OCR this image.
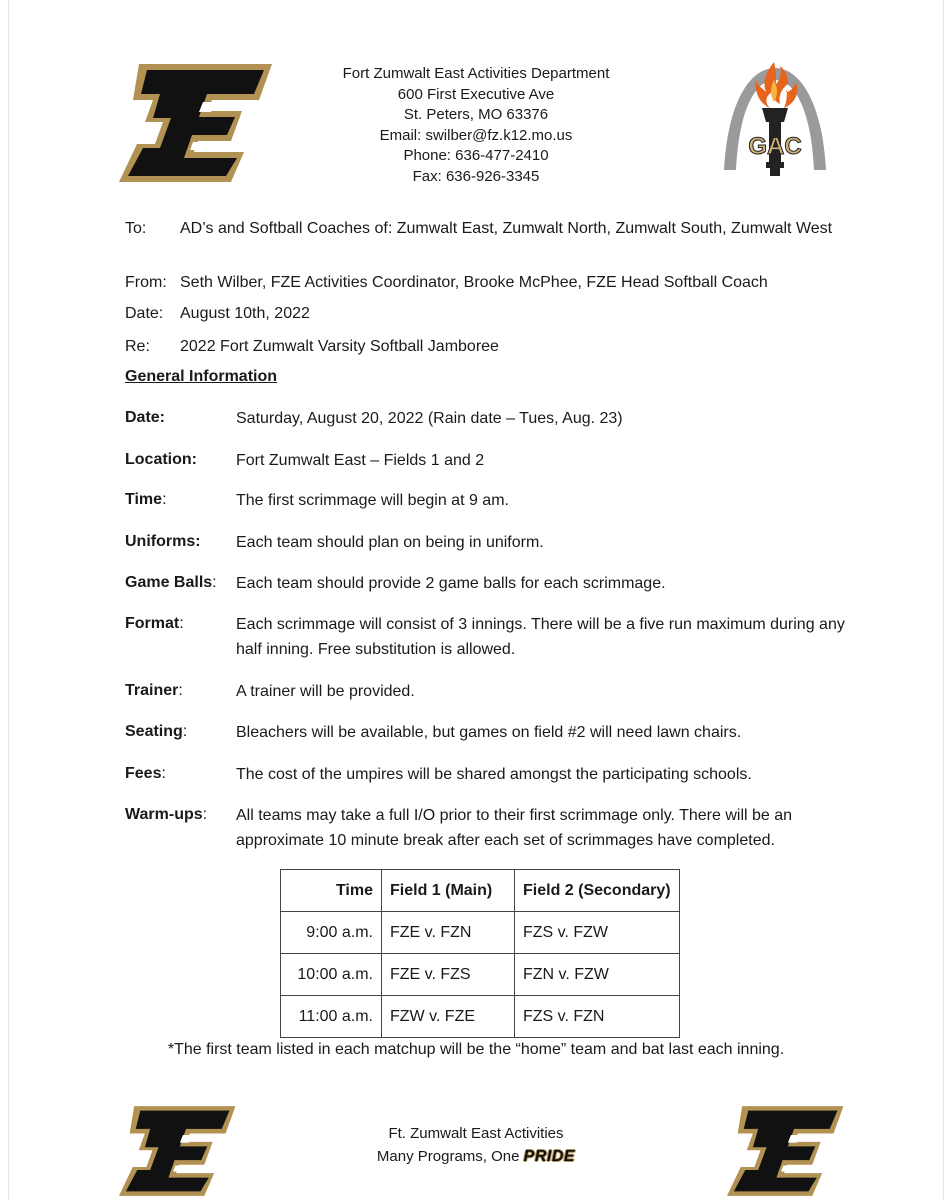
Fort Zumwalt East Activities Department
600 First Executive Ave
St. Peters, MO 63376
Email: swilber@fz.k12.mo.us
Phone: 636-477-2410
Fax: 636-926-3345
GAC
To: AD’s and Softball Coaches of: Zumwalt East, Zumwalt North, Zumwalt South, Zumwalt West
From: Seth Wilber, FZE Activities Coordinator, Brooke McPhee, FZE Head Softball Coach
Date: August 10th, 2022
Re: 2022 Fort Zumwalt Varsity Softball Jamboree
General Information
Date:	Saturday, August 20, 2022 (Rain date – Tues, Aug. 23)
Location: Fort Zumwalt East – Fields 1 and 2
Time:	The first scrimmage will begin at 9 am.
Uniforms: Each team should plan on being in uniform.
Game Balls: Each team should provide 2 game balls for each scrimmage.
Format:	Each scrimmage will consist of 3 innings. There will be a five run maximum during any half inning. Free substitution is allowed.
Trainer:	A trainer will be provided.
Seating:	Bleachers will be available, but games on field #2 will need lawn chairs.
Fees:	The cost of the umpires will be shared amongst the participating schools.
Warm-ups: All teams may take a full I/O prior to their first scrimmage only. There will be an approximate 10 minute break after each set of scrimmages have completed.
Time	Field 1 (Main)	Field 2 (Secondary)
9:00 a.m.	FZE v. FZN	FZS v. FZW
10:00 a.m.	FZE v. FZS	FZN v. FZW
11:00 a.m.	FZW v. FZE	FZS v. FZN
*The first team listed in each matchup will be the “home” team and bat last each inning.
Ft. Zumwalt East Activities
Many Programs, One PRIDE
